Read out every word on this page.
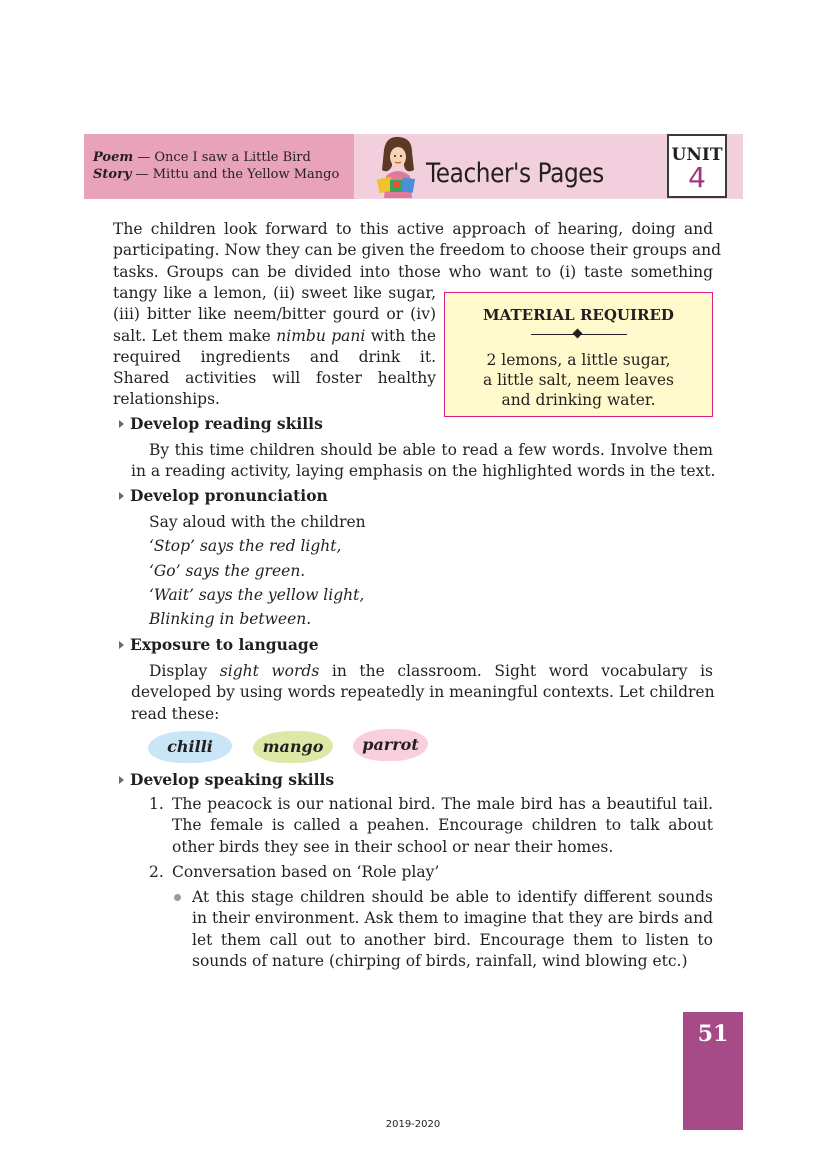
Poem — Once I saw a Little Bird
Story — Mittu and the Yellow Mango	Teacher's Pages
UNIT
4
The children look forward to this active approach of hearing, doing and
participating. Now they can be given the freedom to choose their groups and
tasks. Groups can be divided into those who want to (i) taste something
tangy like a lemon, (ii) sweet like sugar,
(iii) bitter like neem/bitter gourd or (iv)
salt. Let them make nimbu pani with the
required ingredients and drink it.
Shared activities will foster healthy
relationships.
MATERIAL REQUIRED
2 lemons, a little sugar,
a little salt, neem leaves
and drinking water.
Develop reading skills
By this time children should be able to read a few words. Involve them
in a reading activity, laying emphasis on the highlighted words in the text.
Develop pronunciation
Say aloud with the children
‘Stop’ says the red light,
‘Go’ says the green.
‘Wait’ says the yellow light,
Blinking in between.
Exposure to language
Display sight words in the classroom. Sight word vocabulary is
developed by using words repeatedly in meaningful contexts. Let children
read these:
chilli	mango	parrot
Develop speaking skills
1. The peacock is our national bird. The male bird has a beautiful tail.
The female is called a peahen. Encourage children to talk about
other birds they see in their school or near their homes.
2. Conversation based on ‘Role play’
At this stage children should be able to identify different sounds
in their environment. Ask them to imagine that they are birds and
let them call out to another bird. Encourage them to listen to
sounds of nature (chirping of birds, rainfall, wind blowing etc.)
51
2019-2020
